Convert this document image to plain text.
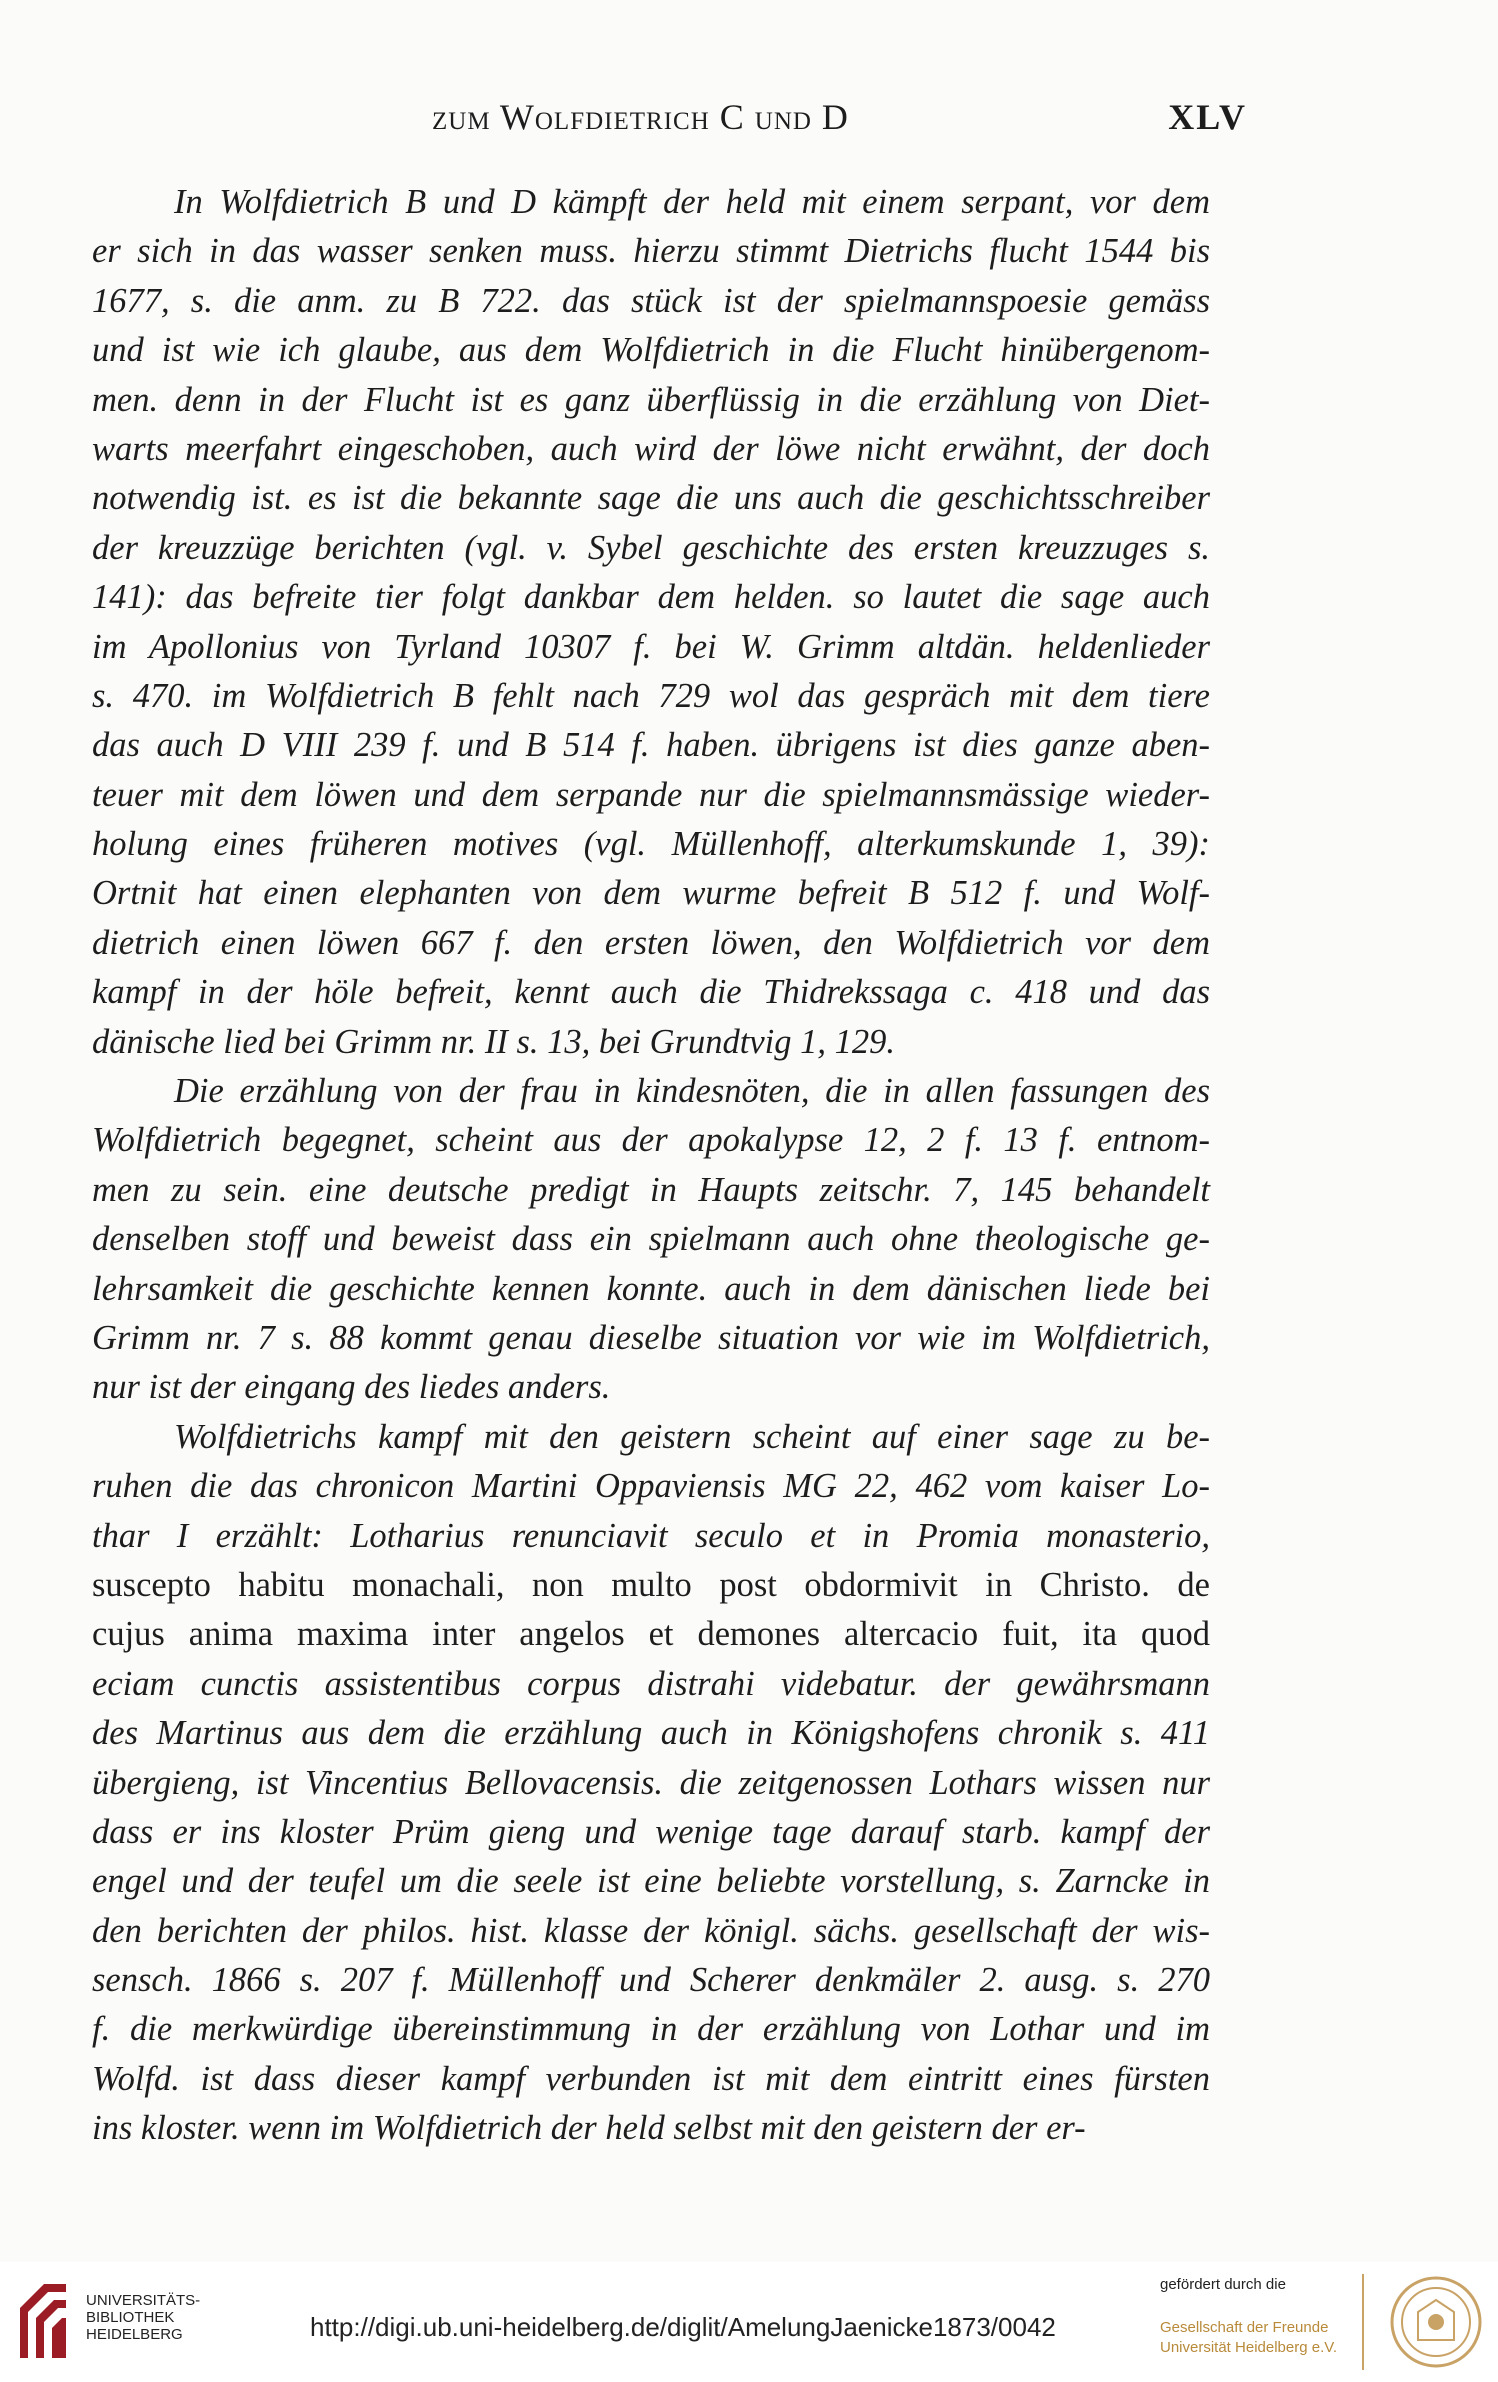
zum Wolfdietrich C und D	XLV
In Wolfdietrich B und D kämpft der held mit einem serpant, vor dem
er sich in das wasser senken muss. hierzu stimmt Dietrichs flucht 1544 bis
1677, s. die anm. zu B 722. das stück ist der spielmannspoesie gemäss
und ist wie ich glaube, aus dem Wolfdietrich in die Flucht hinübergenom-
men. denn in der Flucht ist es ganz überflüssig in die erzählung von Diet-
warts meerfahrt eingeschoben, auch wird der löwe nicht erwähnt, der doch
notwendig ist. es ist die bekannte sage die uns auch die geschichtsschreiber
der kreuzzüge berichten (vgl. v. Sybel geschichte des ersten kreuzzuges s.
141): das befreite tier folgt dankbar dem helden. so lautet die sage auch
im Apollonius von Tyrland 10307 f. bei W. Grimm altdän. heldenlieder
s. 470. im Wolfdietrich B fehlt nach 729 wol das gespräch mit dem tiere
das auch D VIII 239 f. und B 514 f. haben. übrigens ist dies ganze aben-
teuer mit dem löwen und dem serpande nur die spielmannsmässige wieder-
holung eines früheren motives (vgl. Müllenhoff, alterkumskunde 1, 39):
Ortnit hat einen elephanten von dem wurme befreit B 512 f. und Wolf-
dietrich einen löwen 667 f. den ersten löwen, den Wolfdietrich vor dem
kampf in der höle befreit, kennt auch die Thidrekssaga c. 418 und das
dänische lied bei Grimm nr. II s. 13, bei Grundtvig 1, 129.
Die erzählung von der frau in kindesnöten, die in allen fassungen des
Wolfdietrich begegnet, scheint aus der apokalypse 12, 2 f. 13 f. entnom-
men zu sein. eine deutsche predigt in Haupts zeitschr. 7, 145 behandelt
denselben stoff und beweist dass ein spielmann auch ohne theologische ge-
lehrsamkeit die geschichte kennen konnte. auch in dem dänischen liede bei
Grimm nr. 7 s. 88 kommt genau dieselbe situation vor wie im Wolfdietrich,
nur ist der eingang des liedes anders.
Wolfdietrichs kampf mit den geistern scheint auf einer sage zu be-
ruhen die das chronicon Martini Oppaviensis MG 22, 462 vom kaiser Lo-
thar I erzählt: Lotharius renunciavit seculo et in Promia monasterio,
suscepto habitu monachali, non multo post obdormivit in Christo. de
cujus anima maxima inter angelos et demones altercacio fuit, ita quod
eciam cunctis assistentibus corpus distrahi videbatur. der gewährsmann
des Martinus aus dem die erzählung auch in Königshofens chronik s. 411
übergieng, ist Vincentius Bellovacensis. die zeitgenossen Lothars wissen nur
dass er ins kloster Prüm gieng und wenige tage darauf starb. kampf der
engel und der teufel um die seele ist eine beliebte vorstellung, s. Zarncke in
den berichten der philos. hist. klasse der königl. sächs. gesellschaft der wis-
sensch. 1866 s. 207 f. Müllenhoff und Scherer denkmäler 2. ausg. s. 270
f. die merkwürdige übereinstimmung in der erzählung von Lothar und im
Wolfd. ist dass dieser kampf verbunden ist mit dem eintritt eines fürsten
ins kloster. wenn im Wolfdietrich der held selbst mit den geistern der er-
UNIVERSITÄTS-
BIBLIOTHEK
HEIDELBERG	http://digi.ub.uni-heidelberg.de/diglit/AmelungJaenicke1873/0042
gefördert durch die
Gesellschaft der Freunde
Universität Heidelberg e.V.
